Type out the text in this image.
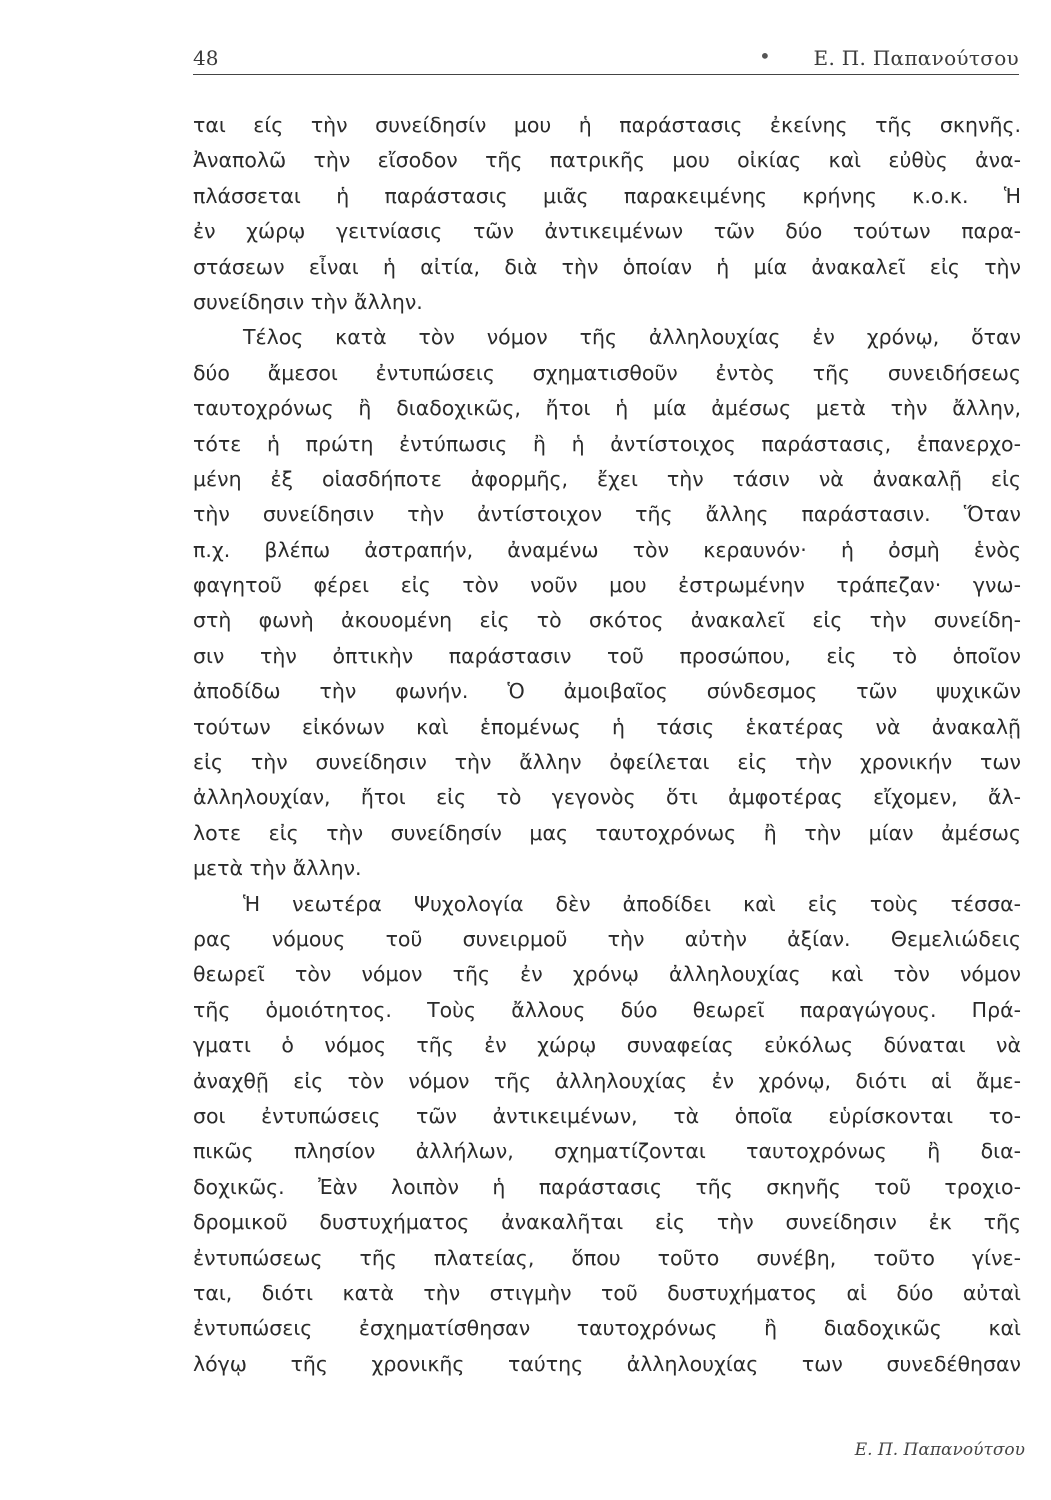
48	• Ε. Π. Παπανούτσου
ται είς τὴν συνείδησίν μου ἡ παράστασις ἐκείνης τῆς σκηνῆς.
Ἀναπολῶ τὴν εἴσοδον τῆς πατρικῆς μου οἰκίας καὶ εὐθὺς ἀνα-
πλάσσεται ἡ παράστασις μιᾶς παρακειμένης κρήνης κ.ο.κ. Ἡ
ἐν χώρῳ γειτνίασις τῶν ἀντικειμένων τῶν δύο τούτων παρα-
στάσεων εἶναι ἡ αἰτία, διὰ τὴν ὁποίαν ἡ μία ἀνακαλεῖ εἰς τὴν
συνείδησιν τὴν ἄλλην.
Τέλος κατὰ τὸν νόμον τῆς ἀλληλουχίας ἐν χρόνῳ, ὅταν
δύο ἄμεσοι ἐντυπώσεις σχηματισθοῦν ἐντὸς τῆς συνειδήσεως
ταυτοχρόνως ἢ διαδοχικῶς, ἤτοι ἡ μία ἀμέσως μετὰ τὴν ἄλλην,
τότε ἡ πρώτη ἐντύπωσις ἢ ἡ ἀντίστοιχος παράστασις, ἐπανερχο-
μένη ἐξ οἱασδήποτε ἀφορμῆς, ἔχει τὴν τάσιν νὰ ἀνακαλῇ εἰς
τὴν συνείδησιν τὴν ἀντίστοιχον τῆς ἄλλης παράστασιν. Ὅταν
π.χ. βλέπω ἀστραπήν, ἀναμένω τὸν κεραυνόν· ἡ ὀσμὴ ἑνὸς
φαγητοῦ φέρει εἰς τὸν νοῦν μου ἐστρωμένην τράπεζαν· γνω-
στὴ φωνὴ ἀκουομένη εἰς τὸ σκότος ἀνακαλεῖ εἰς τὴν συνείδη-
σιν τὴν ὀπτικὴν παράστασιν τοῦ προσώπου, εἰς τὸ ὁποῖον
ἀποδίδω τὴν φωνήν. Ὁ ἀμοιβαῖος σύνδεσμος τῶν ψυχικῶν
τούτων εἰκόνων καὶ ἑπομένως ἡ τάσις ἑκατέρας νὰ ἀνακαλῇ
εἰς τὴν συνείδησιν τὴν ἄλλην ὀφείλεται εἰς τὴν χρονικήν των
ἀλληλουχίαν, ἤτοι εἰς τὸ γεγονὸς ὅτι ἀμφοτέρας εἴχομεν, ἄλ-
λοτε εἰς τὴν συνείδησίν μας ταυτοχρόνως ἢ τὴν μίαν ἀμέσως
μετὰ τὴν ἄλλην.
Ἡ νεωτέρα Ψυχολογία δὲν ἀποδίδει καὶ εἰς τοὺς τέσσα-
ρας νόμους τοῦ συνειρμοῦ τὴν αὐτὴν ἀξίαν. Θεμελιώδεις
θεωρεῖ τὸν νόμον τῆς ἐν χρόνῳ ἀλληλουχίας καὶ τὸν νόμον
τῆς ὁμοιότητος. Τοὺς ἄλλους δύο θεωρεῖ παραγώγους. Πρά-
γματι ὁ νόμος τῆς ἐν χώρῳ συναφείας εὐκόλως δύναται νὰ
ἀναχθῇ εἰς τὸν νόμον τῆς ἀλληλουχίας ἐν χρόνῳ, διότι αἱ ἄμε-
σοι ἐντυπώσεις τῶν ἀντικειμένων, τὰ ὁποῖα εὑρίσκονται το-
πικῶς πλησίον ἀλλήλων, σχηματίζονται ταυτοχρόνως ἢ δια-
δοχικῶς. Ἐὰν λοιπὸν ἡ παράστασις τῆς σκηνῆς τοῦ τροχιο-
δρομικοῦ δυστυχήματος ἀνακαλῆται εἰς τὴν συνείδησιν ἐκ τῆς
ἐντυπώσεως τῆς πλατείας, ὅπου τοῦτο συνέβη, τοῦτο γίνε-
ται, διότι κατὰ τὴν στιγμὴν τοῦ δυστυχήματος αἱ δύο αὐταὶ
ἐντυπώσεις ἐσχηματίσθησαν ταυτοχρόνως ἢ διαδοχικῶς καὶ
λόγῳ τῆς χρονικῆς ταύτης ἀλληλουχίας των συνεδέθησαν
Ε. Π. Παπανούτσου
